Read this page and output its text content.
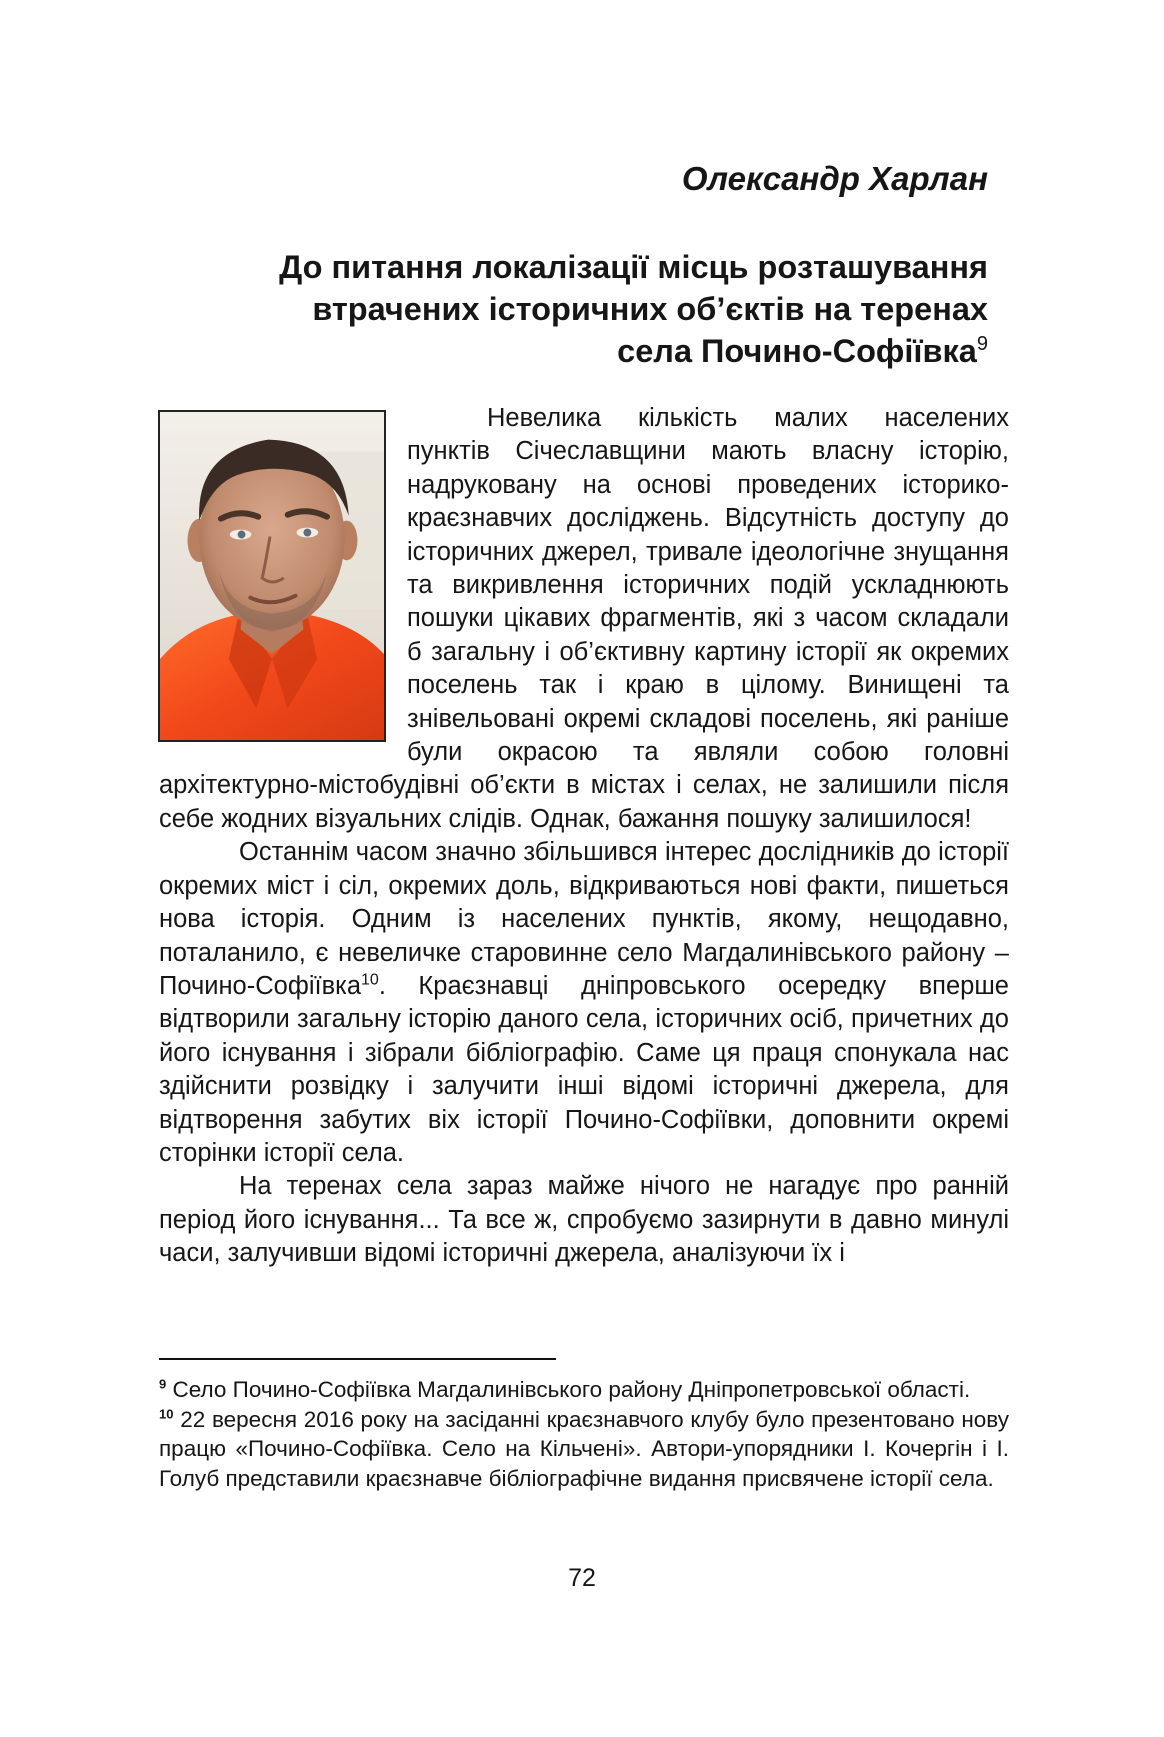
Олександр Харлан
До питання локалізації місць розташування
втрачених історичних об’єктів на теренах
села Почино-Софіївка$^9$

Невелика кількість малих населених пунктів Січеславщини мають власну історію, надруковану на основі проведених історико-краєзнавчих досліджень. Відсутність доступу до історичних джерел, тривале ідеологічне знущання та викривлення історичних подій ускладнюють пошуки цікавих фрагментів, які з часом складали б загальну і об’єктивну картину історії як окремих поселень так і краю в цілому. Винищені та знівельовані окремі складові поселень, які раніше були окрасою та являли собою головні архітектурно-містобудівні об’єкти в містах і селах, не залишили після себе жодних візуальних слідів. Однак, бажання пошуку залишилося!

Останнім часом значно збільшився інтерес дослідників до історії окремих міст і сіл, окремих доль, відкриваються нові факти, пишеться нова історія. Одним із населених пунктів, якому, нещодавно, поталанило, є невеличке старовинне село Магдалинівського району – Почино-Софіївка$^{10}$. Краєзнавці дніпровського осередку вперше відтворили загальну історію даного села, історичних осіб, причетних до його існування і зібрали бібліографію. Саме ця праця спонукала нас здійснити розвідку і залучити інші відомі історичні джерела, для відтворення забутих віх історії Почино-Софіївки, доповнити окремі сторінки історії села.

На теренах села зараз майже нічого не нагадує про ранній період його існування... Та все ж, спробуємо зазирнути в давно минулі часи, залучивши відомі історичні джерела, аналізуючи їх і

$^9$ Село Почино-Софіївка Магдалинівського району Дніпропетровської області.

$^{10}$ 22 вересня 2016 року на засіданні краєзнавчого клубу було презентовано нову працю «Почино-Софіївка. Село на Кільчені». Автори-упорядники І. Кочергін і І. Голуб представили краєзнавче бібліографічне видання присвячене історії села.

72
